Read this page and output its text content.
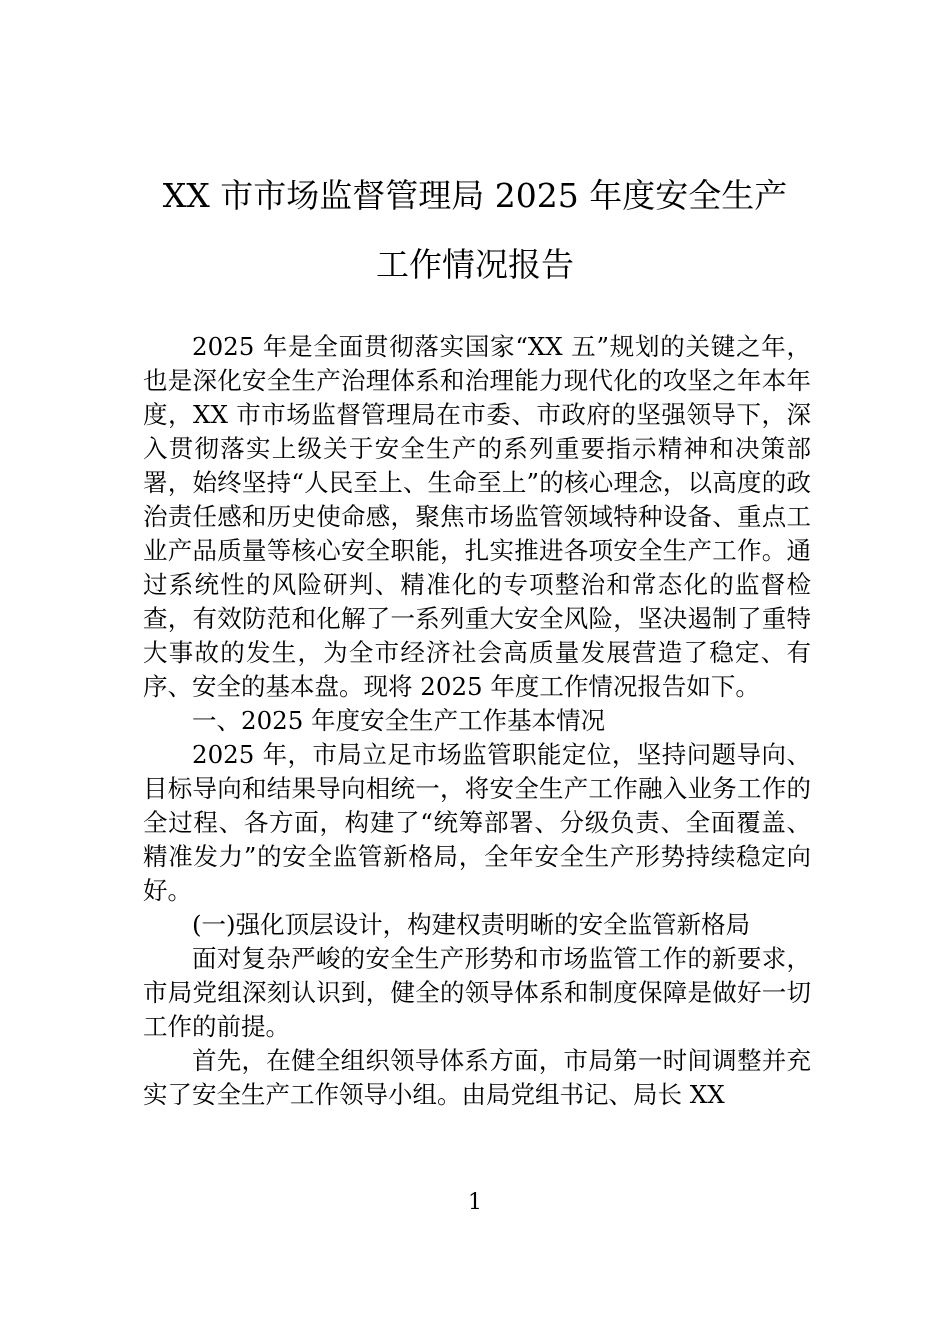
XX 市市场监督管理局 2025 年度安全生产
工作情况报告

2025 年是全面贯彻落实国家“XX 五”规划的关键之年，也是深化安全生产治理体系和治理能力现代化的攻坚之年本年度，XX 市市场监督管理局在市委、市政府的坚强领导下，深入贯彻落实上级关于安全生产的系列重要指示精神和决策部署，始终坚持“人民至上、生命至上”的核心理念，以高度的政治责任感和历史使命感，聚焦市场监管领域特种设备、重点工业产品质量等核心安全职能，扎实推进各项安全生产工作。通过系统性的风险研判、精准化的专项整治和常态化的监督检查，有效防范和化解了一系列重大安全风险，坚决遏制了重特大事故的发生，为全市经济社会高质量发展营造了稳定、有序、安全的基本盘。现将 2025 年度工作情况报告如下。

一、2025 年度安全生产工作基本情况

2025 年，市局立足市场监管职能定位，坚持问题导向、目标导向和结果导向相统一，将安全生产工作融入业务工作的全过程、各方面，构建了“统筹部署、分级负责、全面覆盖、精准发力”的安全监管新格局，全年安全生产形势持续稳定向好。

(一)强化顶层设计，构建权责明晰的安全监管新格局

面对复杂严峻的安全生产形势和市场监管工作的新要求，市局党组深刻认识到，健全的领导体系和制度保障是做好一切工作的前提。

首先，在健全组织领导体系方面，市局第一时间调整并充实了安全生产工作领导小组。由局党组书记、局长 XX

1
